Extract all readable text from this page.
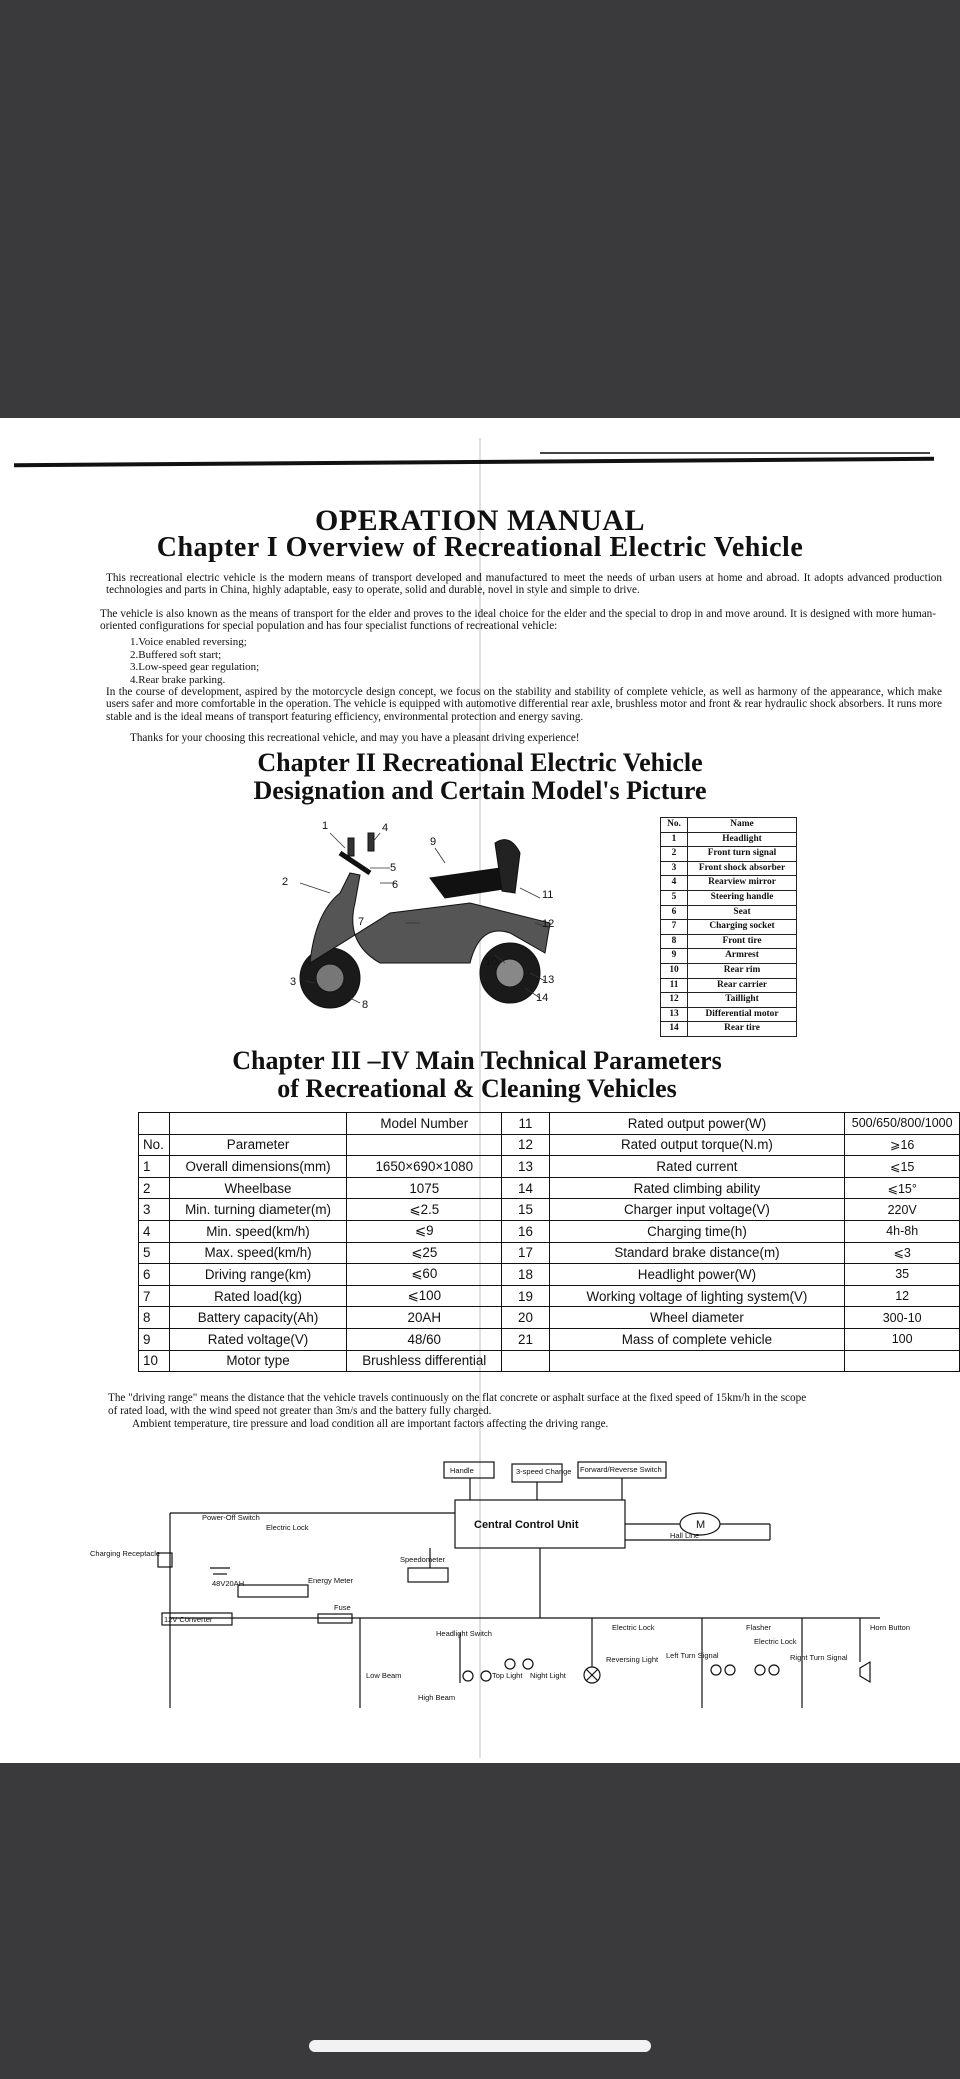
OPERATION MANUAL
Chapter I Overview of Recreational Electric Vehicle
This recreational electric vehicle is the modern means of transport developed and manufactured to meet the needs of urban users at home and abroad. It adopts advanced production technologies and parts in China, highly adaptable, easy to operate, solid and durable, novel in style and simple to drive.
The vehicle is also known as the means of transport for the elder and proves to the ideal choice for the elder and the special to drop in and move around. It is designed with more human-oriented configurations for special population and has four specialist functions of recreational vehicle:
1.Voice enabled reversing;
2.Buffered soft start;
3.Low-speed gear regulation;
4.Rear brake parking.
In the course of development, aspired by the motorcycle design concept, we focus on the stability and stability of complete vehicle, as well as harmony of the appearance, which make users safer and more comfortable in the operation. The vehicle is equipped with automotive differential rear axle, brushless motor and front & rear hydraulic shock absorbers. It runs more stable and is the ideal means of transport featuring efficiency, environmental protection and energy saving.
Thanks for your choosing this recreational vehicle, and may you have a pleasant driving experience!
Chapter II Recreational Electric Vehicle
Designation and Certain Model's Picture
1
2
3
4
5
6
7
8
9
10
11
12
13
14
No.	Name
1	Headlight
2	Front turn signal
3	Front shock absorber
4	Rearview mirror
5	Steering handle
6	Seat
7	Charging socket
8	Front tire
9	Armrest
10	Rear rim
11	Rear carrier
12	Taillight
13	Differential motor
14	Rear tire
Chapter III –IV Main Technical Parameters
of Recreational & Cleaning Vehicles
		Model Number	11	Rated output power(W)	500/650/800/1000
No.	Parameter		12	Rated output torque(N.m)	⩾16
1	Overall dimensions(mm)	1650×690×1080	13	Rated current	⩽15
2	Wheelbase	1075	14	Rated climbing ability	⩽15°
3	Min. turning diameter(m)	⩽2.5	15	Charger input voltage(V)	220V
4	Min. speed(km/h)	⩽9	16	Charging time(h)	4h-8h
5	Max. speed(km/h)	⩽25	17	Standard brake distance(m)	⩽3
6	Driving range(km)	⩽60	18	Headlight power(W)	35
7	Rated load(kg)	⩽100	19	Working voltage of lighting system(V)	12
8	Battery capacity(Ah)	20AH	20	Wheel diameter	300-10
9	Rated voltage(V)	48/60	21	Mass of complete vehicle	100
10	Motor type	Brushless differential			
The "driving range" means the distance that the vehicle travels continuously on the flat concrete or asphalt surface at the fixed speed of 15km/h in the scope
of rated load, with the wind speed not greater than 3m/s and the battery fully charged.
Ambient temperature, tire pressure and load condition all are important factors affecting the driving range.
Handle	3-speed Change Forward/Reverse Switch
Central Control Unit	M
Hall Line
Power-Off Switch
Electric Lock
Charging Receptacle
48V20AH
Speedometer
Energy Meter
12V Converter
Fuse
Headlight Switch
Low Beam
High Beam
Top Light Night Light
Electric Lock
Reversing Light
Flasher
Electric Lock
Left Turn Signal	Right Turn Signal
Horn Button
